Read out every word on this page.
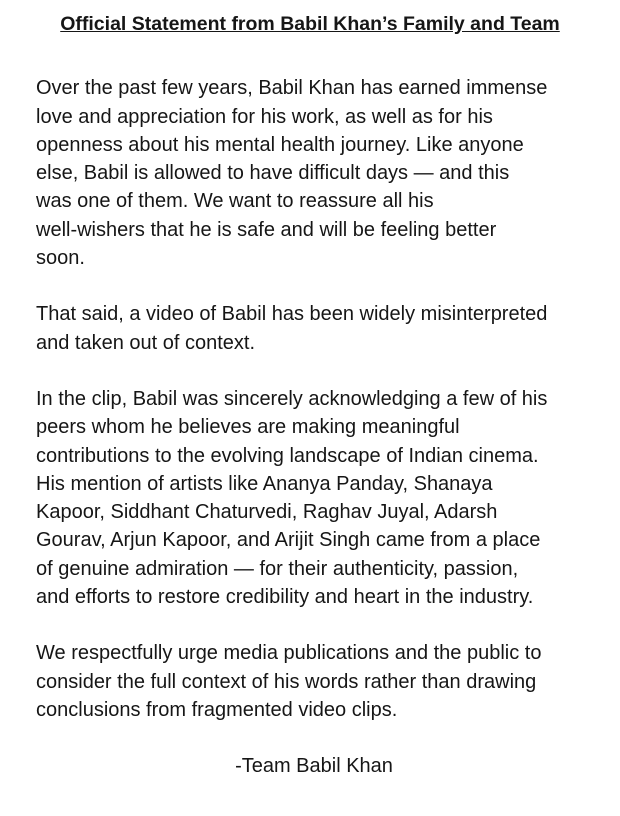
Official Statement from Babil Khan’s Family and Team
Over the past few years, Babil Khan has earned immense
love and appreciation for his work, as well as for his
openness about his mental health journey. Like anyone
else, Babil is allowed to have difficult days — and this
was one of them. We want to reassure all his
well-wishers that he is safe and will be feeling better
soon.
That said, a video of Babil has been widely misinterpreted
and taken out of context.
In the clip, Babil was sincerely acknowledging a few of his
peers whom he believes are making meaningful
contributions to the evolving landscape of Indian cinema.
His mention of artists like Ananya Panday, Shanaya
Kapoor, Siddhant Chaturvedi, Raghav Juyal, Adarsh
Gourav, Arjun Kapoor, and Arijit Singh came from a place
of genuine admiration — for their authenticity, passion,
and efforts to restore credibility and heart in the industry.
We respectfully urge media publications and the public to
consider the full context of his words rather than drawing
conclusions from fragmented video clips.
-Team Babil Khan
